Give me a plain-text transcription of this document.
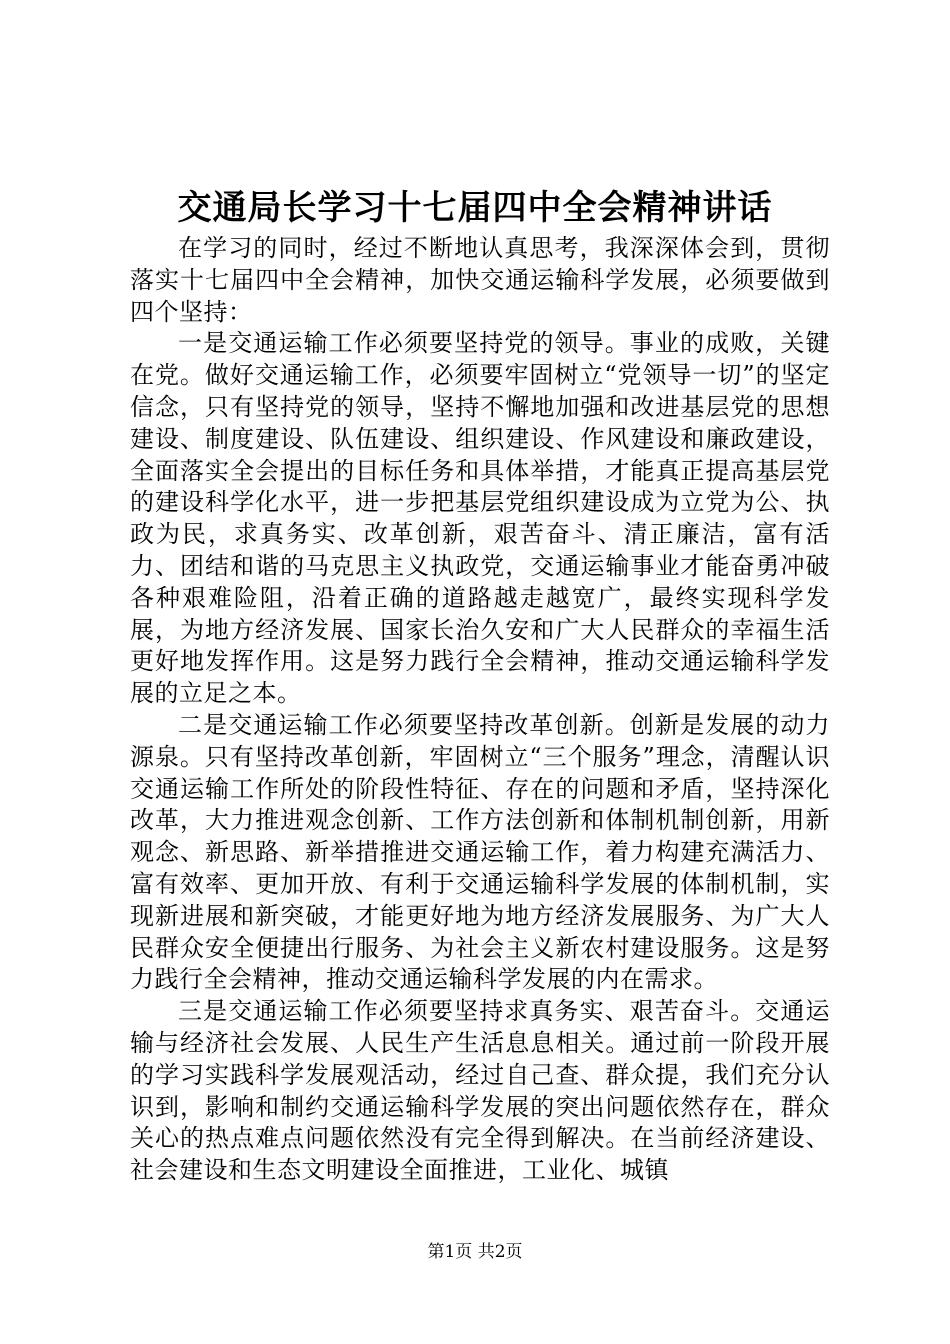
交通局长学习十七届四中全会精神讲话

在学习的同时，经过不断地认真思考，我深深体会到，贯彻落实十七届四中全会精神，加快交通运输科学发展，必须要做到四个坚持：

一是交通运输工作必须要坚持党的领导。事业的成败，关键在党。做好交通运输工作，必须要牢固树立“党领导一切”的坚定信念，只有坚持党的领导，坚持不懈地加强和改进基层党的思想建设、制度建设、队伍建设、组织建设、作风建设和廉政建设，全面落实全会提出的目标任务和具体举措，才能真正提高基层党的建设科学化水平，进一步把基层党组织建设成为立党为公、执政为民，求真务实、改革创新，艰苦奋斗、清正廉洁，富有活力、团结和谐的马克思主义执政党，交通运输事业才能奋勇冲破各种艰难险阻，沿着正确的道路越走越宽广，最终实现科学发展，为地方经济发展、国家长治久安和广大人民群众的幸福生活更好地发挥作用。这是努力践行全会精神，推动交通运输科学发展的立足之本。

二是交通运输工作必须要坚持改革创新。创新是发展的动力源泉。只有坚持改革创新，牢固树立“三个服务”理念，清醒认识交通运输工作所处的阶段性特征、存在的问题和矛盾，坚持深化改革，大力推进观念创新、工作方法创新和体制机制创新，用新观念、新思路、新举措推进交通运输工作，着力构建充满活力、富有效率、更加开放、有利于交通运输科学发展的体制机制，实现新进展和新突破，才能更好地为地方经济发展服务、为广大人民群众安全便捷出行服务、为社会主义新农村建设服务。这是努力践行全会精神，推动交通运输科学发展的内在需求。

三是交通运输工作必须要坚持求真务实、艰苦奋斗。交通运输与经济社会发展、人民生产生活息息相关。通过前一阶段开展的学习实践科学发展观活动，经过自己查、群众提，我们充分认识到，影响和制约交通运输科学发展的突出问题依然存在，群众关心的热点难点问题依然没有完全得到解决。在当前经济建设、社会建设和生态文明建设全面推进，工业化、城镇

第1页 共2页
